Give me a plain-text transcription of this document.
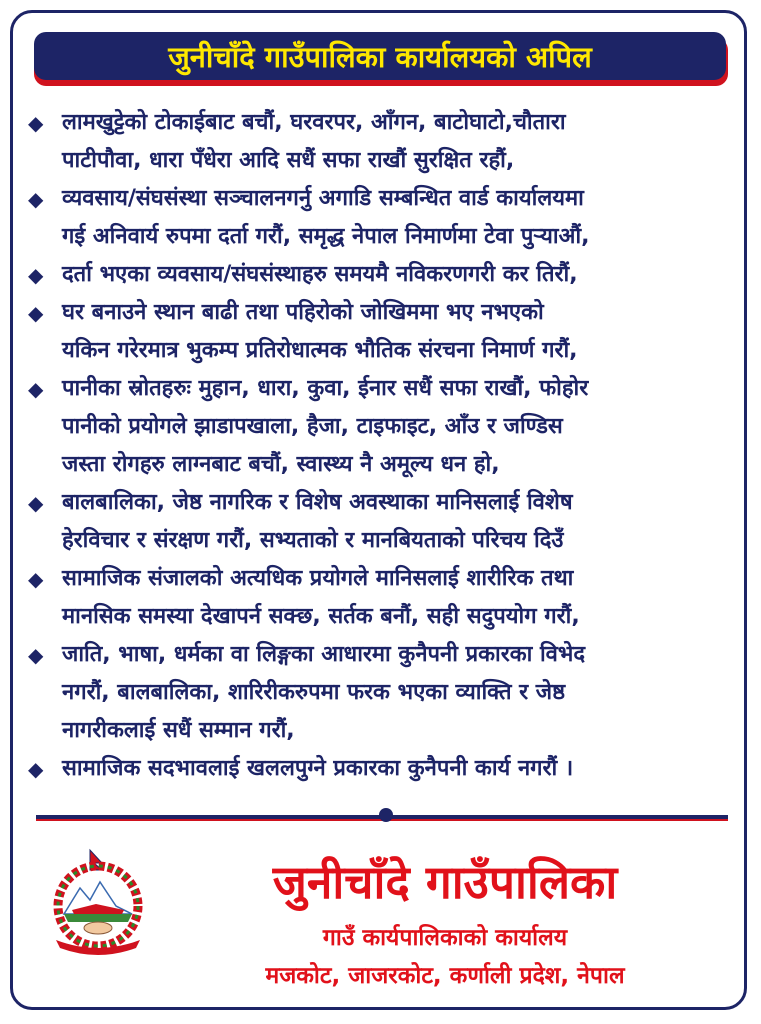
जुनीचाँदे गाउँपालिका कार्यालयको अपिल
◆ लामखुट्टेको टोकाईबाट बचौं, घरवरपर, आँगन, बाटोघाटो,चौतारा
पाटीपौवा, धारा पँधेरा आदि सधैं सफा राखौं सुरक्षित रहौं,
◆ व्यवसाय/संघसंस्था सञ्चालनगर्नु अगाडि सम्बन्धित वार्ड कार्यालयमा
गई अनिवार्य रुपमा दर्ता गरौं, समृद्ध नेपाल निमार्णमा टेवा पुऱ्याऔं,
◆ दर्ता भएका व्यवसाय/संघसंस्थाहरु समयमै नविकरणगरी कर तिरौं,
◆ घर बनाउने स्थान बाढी तथा पहिरोको जोखिममा भए नभएको
यकिन गरेरमात्र भुकम्प प्रतिरोधात्मक भौतिक संरचना निमार्ण गरौं,
◆ पानीका स्रोतहरुः मुहान, धारा, कुवा, ईनार सधैं सफा राखौं, फोहोर
पानीको प्रयोगले झाडापखाला, हैजा, टाइफाइट, आँउ र जण्डिस
जस्ता रोगहरु लाग्नबाट बचौं, स्वास्थ्य नै अमूल्य धन हो,
◆ बालबालिका, जेष्ठ नागरिक र विशेष अवस्थाका मानिसलाई विशेष
हेरविचार र संरक्षण गरौं, सभ्यताको र मानबियताको परिचय दिउँ
◆ सामाजिक संजालको अत्यधिक प्रयोगले मानिसलाई शारीरिक तथा
मानसिक समस्या देखापर्न सक्छ, सर्तक बनौं, सही सदुपयोग गरौं,
◆ जाति, भाषा, धर्मका वा लिङ्गका आधारमा कुनैपनी प्रकारका विभेद
नगरौं, बालबालिका, शारिरीकरुपमा फरक भएका व्याक्ति र जेष्ठ
नागरीकलाई सधैं सम्मान गरौं,
◆ सामाजिक सदभावलाई खललपुग्ने प्रकारका कुनैपनी कार्य नगरौं ।
जुनीचाँदे गाउँपालिका
गाउँ कार्यपालिकाको कार्यालय
मजकोट, जाजरकोट, कर्णाली प्रदेश, नेपाल
